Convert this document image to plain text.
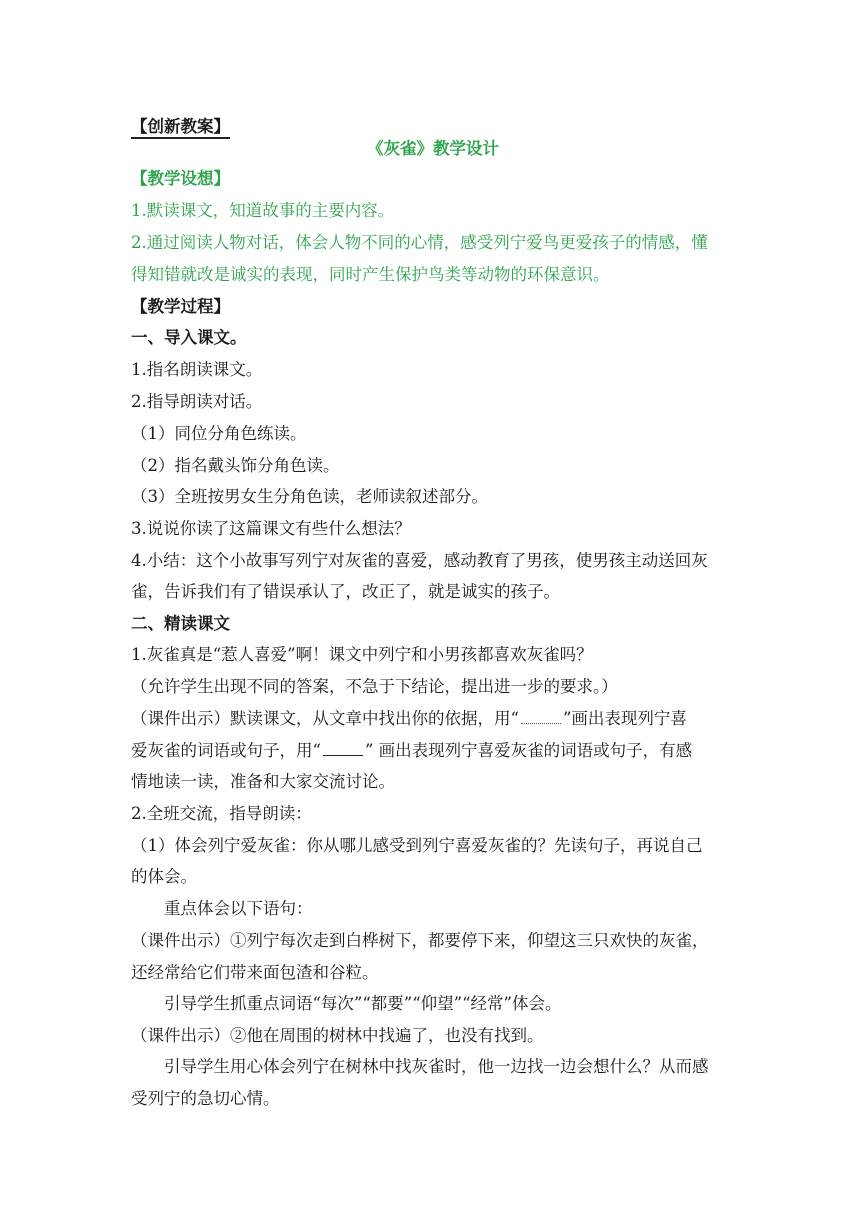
【创新教案】
《灰雀》教学设计
【教学设想】
1.默读课文，知道故事的主要内容。
2.通过阅读人物对话，体会人物不同的心情，感受列宁爱鸟更爱孩子的情感，懂
得知错就改是诚实的表现，同时产生保护鸟类等动物的环保意识。
【教学过程】
一、导入课文。
1.指名朗读课文。
2.指导朗读对话。
（1）同位分角色练读。
（2）指名戴头饰分角色读。
（3）全班按男女生分角色读，老师读叙述部分。
3.说说你读了这篇课文有些什么想法？
4.小结：这个小故事写列宁对灰雀的喜爱，感动教育了男孩，使男孩主动送回灰
雀，告诉我们有了错误承认了，改正了，就是诚实的孩子。
二、精读课文
1.灰雀真是“惹人喜爱”啊！课文中列宁和小男孩都喜欢灰雀吗？
（允许学生出现不同的答案，不急于下结论，提出进一步的要求。）
（课件出示）默读课文，从文章中找出你的依据，用“	”画出表现列宁喜
爱灰雀的词语或句子，用“	” 画出表现列宁喜爱灰雀的词语或句子，有感
情地读一读，准备和大家交流讨论。
2.全班交流，指导朗读：
（1）体会列宁爱灰雀：你从哪儿感受到列宁喜爱灰雀的？先读句子，再说自己
的体会。
重点体会以下语句：
（课件出示）①列宁每次走到白桦树下，都要停下来，仰望这三只欢快的灰雀，
还经常给它们带来面包渣和谷粒。
引导学生抓重点词语“每次”“都要”“仰望”“经常”体会。
（课件出示）②他在周围的树林中找遍了，也没有找到。
引导学生用心体会列宁在树林中找灰雀时，他一边找一边会想什么？从而感
受列宁的急切心情。
